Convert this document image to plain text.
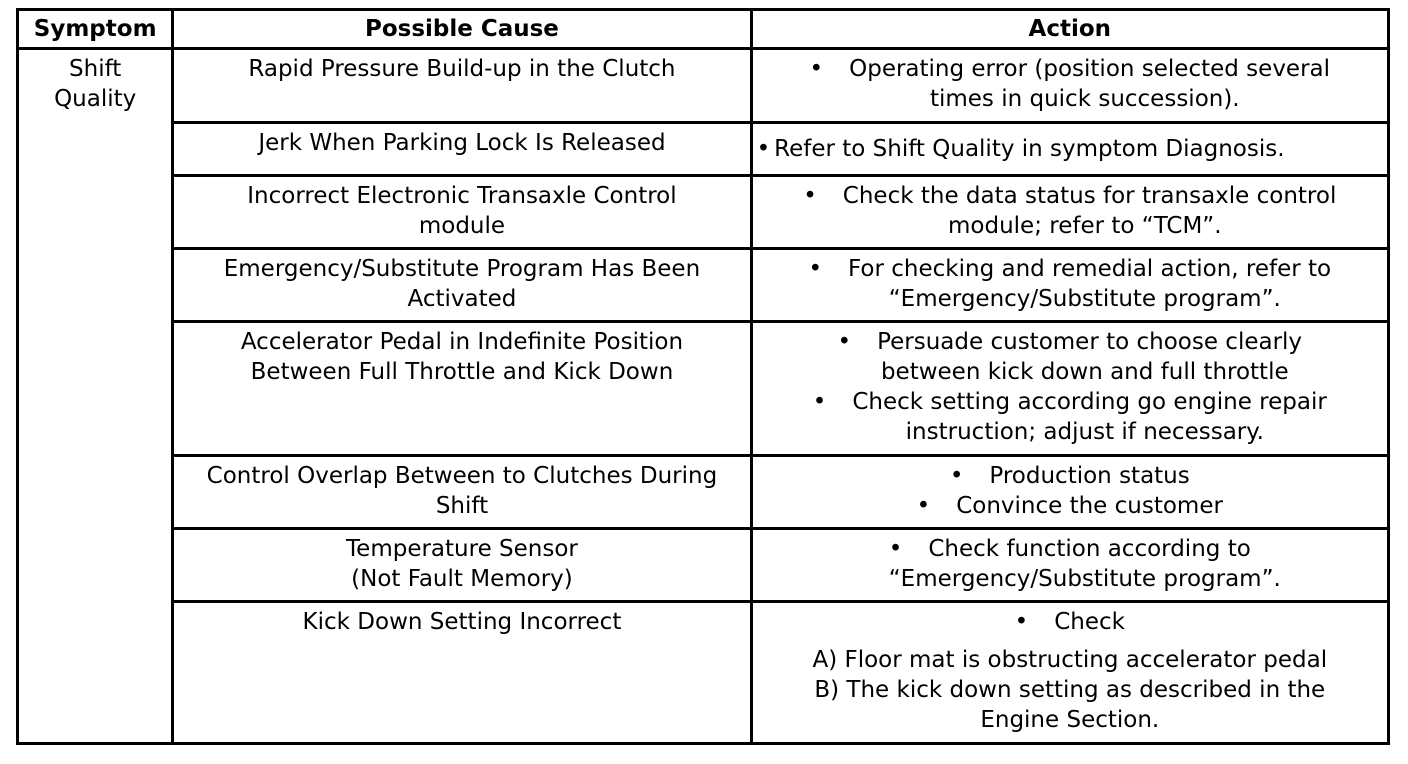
Symptom	Possible Cause	Action

Shift
Quality	Rapid Pressure Build-up in the Clutch	• Operating error (position selected several
times in quick succession).

	Jerk When Parking Lock Is Released	• Refer to Shift Quality in symptom Diagnosis.

	Incorrect Electronic Transaxle Control
module	• Check the data status for transaxle control
module; refer to “TCM”.

	Emergency/Substitute Program Has Been
Activated	• For checking and remedial action, refer to
“Emergency/Substitute program”.

	Accelerator Pedal in Indefinite Position
Between Full Throttle and Kick Down	• Persuade customer to choose clearly
between kick down and full throttle
• Check setting according go engine repair
instruction; adjust if necessary.

	Control Overlap Between to Clutches During
Shift	• Production status
• Convince the customer

	Temperature Sensor
(Not Fault Memory)	• Check function according to
“Emergency/Substitute program”.

	Kick Down Setting Incorrect	• Check
A) Floor mat is obstructing accelerator pedal
B) The kick down setting as described in the
Engine Section.
